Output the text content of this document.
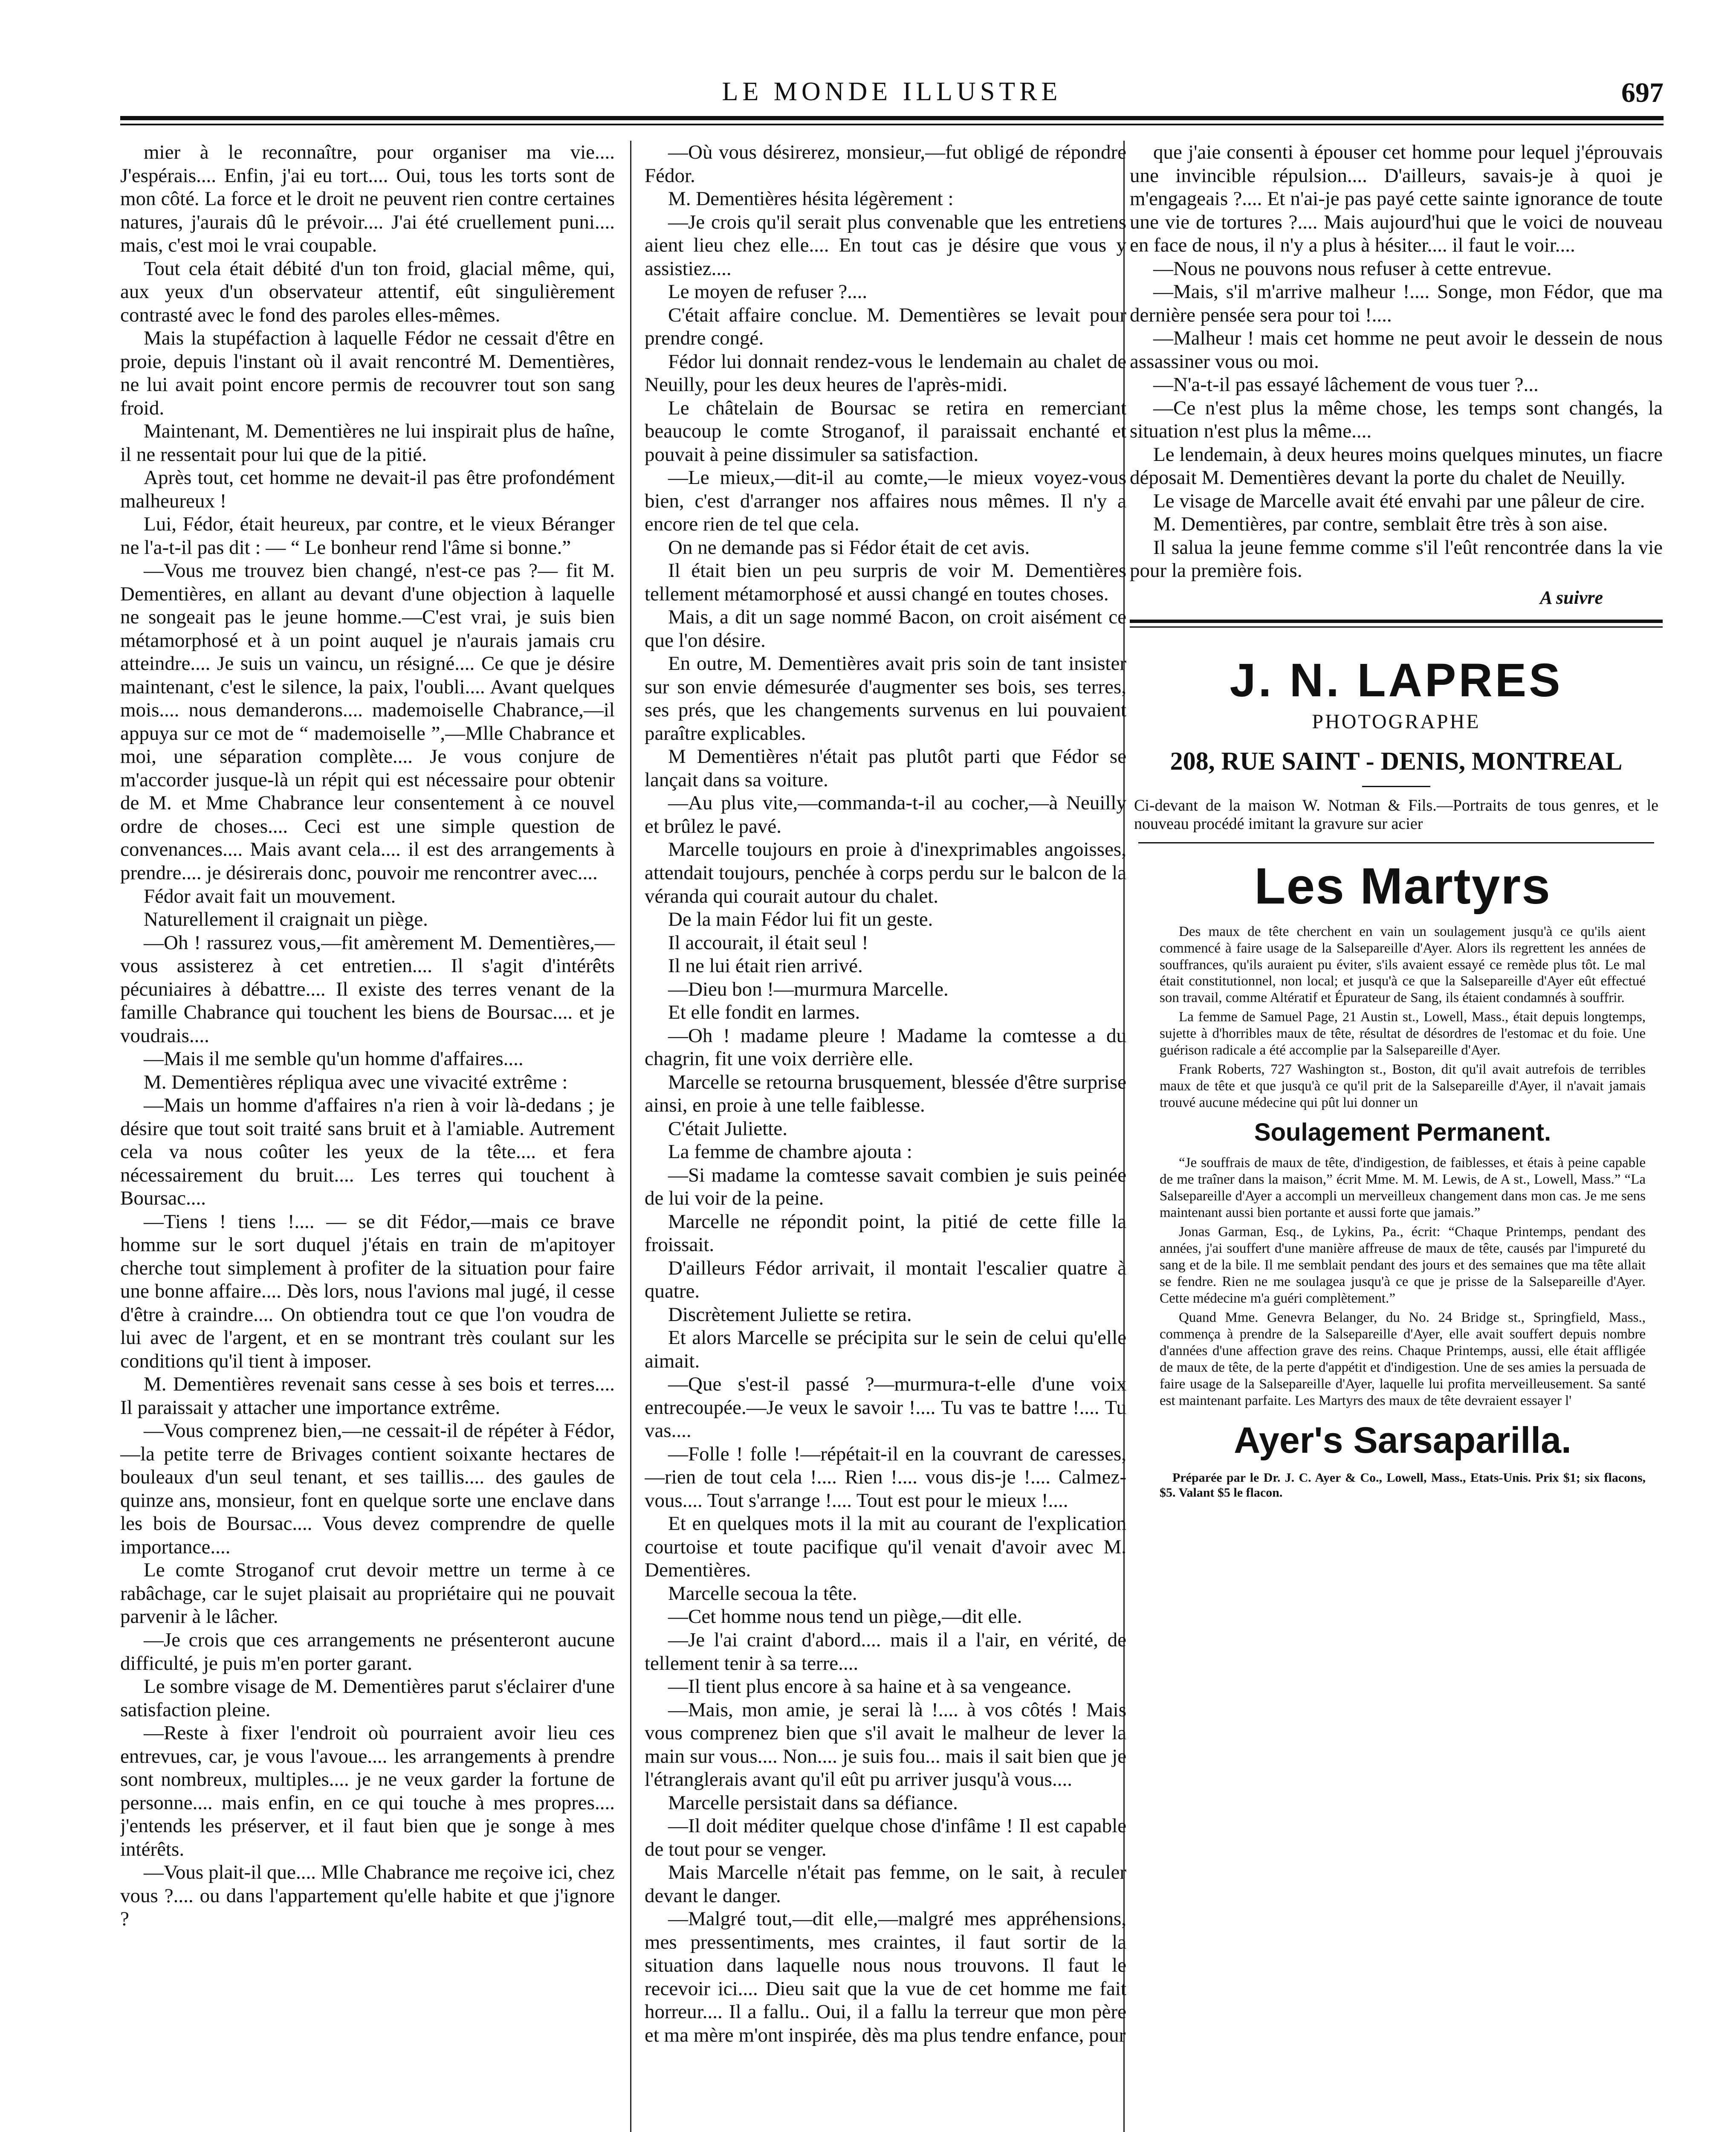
LE MONDE ILLUSTRE	697

mier à le reconnaître, pour organiser ma vie.... J'espérais.... Enfin, j'ai eu tort.... Oui, tous les torts sont de mon côté. La force et le droit ne peuvent rien contre certaines natures, j'aurais dû le prévoir.... J'ai été cruellement puni.... mais, c'est moi le vrai coupable.

Tout cela était débité d'un ton froid, glacial même, qui, aux yeux d'un observateur attentif, eût singulièrement contrasté avec le fond des paroles elles-mêmes.

Mais la stupéfaction à laquelle Fédor ne cessait d'être en proie, depuis l'instant où il avait rencontré M. Dementières, ne lui avait point encore permis de recouvrer tout son sang froid.

Maintenant, M. Dementières ne lui inspirait plus de haîne, il ne ressentait pour lui que de la pitié.

Après tout, cet homme ne devait-il pas être profondément malheureux !

Lui, Fédor, était heureux, par contre, et le vieux Béranger ne l'a-t-il pas dit : — “ Le bonheur rend l'âme si bonne.”

—Vous me trouvez bien changé, n'est-ce pas ?— fit M. Dementières, en allant au devant d'une objection à laquelle ne songeait pas le jeune homme.—C'est vrai, je suis bien métamorphosé et à un point auquel je n'aurais jamais cru atteindre.... Je suis un vaincu, un résigné.... Ce que je désire maintenant, c'est le silence, la paix, l'oubli.... Avant quelques mois.... nous demanderons.... mademoiselle Chabrance,—il appuya sur ce mot de “ mademoiselle ”,—Mlle Chabrance et moi, une séparation complète.... Je vous conjure de m'accorder jusque-là un répit qui est nécessaire pour obtenir de M. et Mme Chabrance leur consentement à ce nouvel ordre de choses.... Ceci est une simple question de convenances.... Mais avant cela.... il est des arrangements à prendre.... je désirerais donc, pouvoir me rencontrer avec....

Fédor avait fait un mouvement.

Naturellement il craignait un piège.

—Oh ! rassurez vous,—fit amèrement M. Dementières,—vous assisterez à cet entretien.... Il s'agit d'intérêts pécuniaires à débattre.... Il existe des terres venant de la famille Chabrance qui touchent les biens de Boursac.... et je voudrais....

—Mais il me semble qu'un homme d'affaires....

M. Dementières répliqua avec une vivacité extrême :

—Mais un homme d'affaires n'a rien à voir là-dedans ; je désire que tout soit traité sans bruit et à l'amiable. Autrement cela va nous coûter les yeux de la tête.... et fera nécessairement du bruit.... Les terres qui touchent à Boursac....

—Tiens ! tiens !.... — se dit Fédor,—mais ce brave homme sur le sort duquel j'étais en train de m'apitoyer cherche tout simplement à profiter de la situation pour faire une bonne affaire.... Dès lors, nous l'avions mal jugé, il cesse d'être à craindre.... On obtiendra tout ce que l'on voudra de lui avec de l'argent, et en se montrant très coulant sur les conditions qu'il tient à imposer.

M. Dementières revenait sans cesse à ses bois et terres.... Il paraissait y attacher une importance extrême.

—Vous comprenez bien,—ne cessait-il de répéter à Fédor,—la petite terre de Brivages contient soixante hectares de bouleaux d'un seul tenant, et ses taillis.... des gaules de quinze ans, monsieur, font en quelque sorte une enclave dans les bois de Boursac.... Vous devez comprendre de quelle importance....

Le comte Stroganof crut devoir mettre un terme à ce rabâchage, car le sujet plaisait au propriétaire qui ne pouvait parvenir à le lâcher.

—Je crois que ces arrangements ne présenteront aucune difficulté, je puis m'en porter garant.

Le sombre visage de M. Dementières parut s'éclairer d'une satisfaction pleine.

—Reste à fixer l'endroit où pourraient avoir lieu ces entrevues, car, je vous l'avoue.... les arrangements à prendre sont nombreux, multiples.... je ne veux garder la fortune de personne.... mais enfin, en ce qui touche à mes propres.... j'entends les préserver, et il faut bien que je songe à mes intérêts.

—Vous plait-il que.... Mlle Chabrance me reçoive ici, chez vous ?.... ou dans l'appartement qu'elle habite et que j'ignore ?

—Où vous désirerez, monsieur,—fut obligé de répondre Fédor.

M. Dementières hésita légèrement :

—Je crois qu'il serait plus convenable que les entretiens aient lieu chez elle.... En tout cas je désire que vous y assistiez....

Le moyen de refuser ?....

C'était affaire conclue. M. Dementières se levait pour prendre congé.

Fédor lui donnait rendez-vous le lendemain au chalet de Neuilly, pour les deux heures de l'après-midi.

Le châtelain de Boursac se retira en remerciant beaucoup le comte Stroganof, il paraissait enchanté et pouvait à peine dissimuler sa satisfaction.

—Le mieux,—dit-il au comte,—le mieux voyez-vous bien, c'est d'arranger nos affaires nous mêmes. Il n'y a encore rien de tel que cela.

On ne demande pas si Fédor était de cet avis.

Il était bien un peu surpris de voir M. Dementières tellement métamorphosé et aussi changé en toutes choses.

Mais, a dit un sage nommé Bacon, on croit aisément ce que l'on désire.

En outre, M. Dementières avait pris soin de tant insister sur son envie démesurée d'augmenter ses bois, ses terres, ses prés, que les changements survenus en lui pouvaient paraître explicables.

M Dementières n'était pas plutôt parti que Fédor se lançait dans sa voiture.

—Au plus vite,—commanda-t-il au cocher,—à Neuilly et brûlez le pavé.

Marcelle toujours en proie à d'inexprimables angoisses, attendait toujours, penchée à corps perdu sur le balcon de la véranda qui courait autour du chalet.

De la main Fédor lui fit un geste.

Il accourait, il était seul !

Il ne lui était rien arrivé.

—Dieu bon !—murmura Marcelle.

Et elle fondit en larmes.

—Oh ! madame pleure ! Madame la comtesse a du chagrin, fit une voix derrière elle.

Marcelle se retourna brusquement, blessée d'être surprise ainsi, en proie à une telle faiblesse.

C'était Juliette.

La femme de chambre ajouta :

—Si madame la comtesse savait combien je suis peinée de lui voir de la peine.

Marcelle ne répondit point, la pitié de cette fille la froissait.

D'ailleurs Fédor arrivait, il montait l'escalier quatre à quatre.

Discrètement Juliette se retira.

Et alors Marcelle se précipita sur le sein de celui qu'elle aimait.

—Que s'est-il passé ?—murmura-t-elle d'une voix entrecoupée.—Je veux le savoir !.... Tu vas te battre !.... Tu vas....

—Folle ! folle !—répétait-il en la couvrant de caresses,—rien de tout cela !.... Rien !.... vous dis-je !.... Calmez-vous.... Tout s'arrange !.... Tout est pour le mieux !....

Et en quelques mots il la mit au courant de l'explication courtoise et toute pacifique qu'il venait d'avoir avec M. Dementières.

Marcelle secoua la tête.

—Cet homme nous tend un piège,—dit elle.

—Je l'ai craint d'abord.... mais il a l'air, en vérité, de tellement tenir à sa terre....

—Il tient plus encore à sa haine et à sa vengeance.

—Mais, mon amie, je serai là !.... à vos côtés ! Mais vous comprenez bien que s'il avait le malheur de lever la main sur vous.... Non.... je suis fou... mais il sait bien que je l'étranglerais avant qu'il eût pu arriver jusqu'à vous....

Marcelle persistait dans sa défiance.

—Il doit méditer quelque chose d'infâme ! Il est capable de tout pour se venger.

Mais Marcelle n'était pas femme, on le sait, à reculer devant le danger.

—Malgré tout,—dit elle,—malgré mes appréhensions, mes pressentiments, mes craintes, il faut sortir de la situation dans laquelle nous nous trouvons. Il faut le recevoir ici.... Dieu sait que la vue de cet homme me fait horreur.... Il a fallu.. Oui, il a fallu la terreur que mon père et ma mère m'ont inspirée, dès ma plus tendre enfance, pour

que j'aie consenti à épouser cet homme pour lequel j'éprouvais une invincible répulsion.... D'ailleurs, savais-je à quoi je m'engageais ?.... Et n'ai-je pas payé cette sainte ignorance de toute une vie de tortures ?.... Mais aujourd'hui que le voici de nouveau en face de nous, il n'y a plus à hésiter.... il faut le voir....

—Nous ne pouvons nous refuser à cette entrevue.

—Mais, s'il m'arrive malheur !.... Songe, mon Fédor, que ma dernière pensée sera pour toi !....

—Malheur ! mais cet homme ne peut avoir le dessein de nous assassiner vous ou moi.

—N'a-t-il pas essayé lâchement de vous tuer ?...

—Ce n'est plus la même chose, les temps sont changés, la situation n'est plus la même....

Le lendemain, à deux heures moins quelques minutes, un fiacre déposait M. Dementières devant la porte du chalet de Neuilly.

Le visage de Marcelle avait été envahi par une pâleur de cire.

M. Dementières, par contre, semblait être très à son aise.

Il salua la jeune femme comme s'il l'eût rencontrée dans la vie pour la première fois.

A suivre
J. N. LAPRES
PHOTOGRAPHE
208, RUE SAINT - DENIS, MONTREAL
Ci-devant de la maison W. Notman & Fils.—Portraits de tous genres, et le nouveau procédé imitant la gravure sur acier
Les Martyrs

Des maux de tête cherchent en vain un soulagement jusqu'à ce qu'ils aient commencé à faire usage de la Salsepareille d'Ayer. Alors ils regrettent les années de souffrances, qu'ils auraient pu éviter, s'ils avaient essayé ce remède plus tôt. Le mal était constitutionnel, non local; et jusqu'à ce que la Salsepareille d'Ayer eût effectué son travail, comme Altératif et Épurateur de Sang, ils étaient condamnés à souffrir.

La femme de Samuel Page, 21 Austin st., Lowell, Mass., était depuis longtemps, sujette à d'horribles maux de tête, résultat de désordres de l'estomac et du foie. Une guérison radicale a été accomplie par la Salsepareille d'Ayer.

Frank Roberts, 727 Washington st., Boston, dit qu'il avait autrefois de terribles maux de tête et que jusqu'à ce qu'il prit de la Salsepareille d'Ayer, il n'avait jamais trouvé aucune médecine qui pût lui donner un

Soulagement Permanent.

“Je souffrais de maux de tête, d'indigestion, de faiblesses, et étais à peine capable de me traîner dans la maison,” écrit Mme. M. M. Lewis, de A st., Lowell, Mass.” “La Salsepareille d'Ayer a accompli un merveilleux changement dans mon cas. Je me sens maintenant aussi bien portante et aussi forte que jamais.”

Jonas Garman, Esq., de Lykins, Pa., écrit: “Chaque Printemps, pendant des années, j'ai souffert d'une manière affreuse de maux de tête, causés par l'impureté du sang et de la bile. Il me semblait pendant des jours et des semaines que ma tête allait se fendre. Rien ne me soulagea jusqu'à ce que je prisse de la Salsepareille d'Ayer. Cette médecine m'a guéri complètement.”

Quand Mme. Genevra Belanger, du No. 24 Bridge st., Springfield, Mass., commença à prendre de la Salsepareille d'Ayer, elle avait souffert depuis nombre d'années d'une affection grave des reins. Chaque Printemps, aussi, elle était affligée de maux de tête, de la perte d'appétit et d'indigestion. Une de ses amies la persuada de faire usage de la Salsepareille d'Ayer, laquelle lui profita merveilleusement. Sa santé est maintenant parfaite. Les Martyrs des maux de tête devraient essayer l'

Ayer's Sarsaparilla.

Préparée par le Dr. J. C. Ayer & Co., Lowell, Mass., Etats-Unis. Prix $1; six flacons, $5. Valant $5 le flacon.
